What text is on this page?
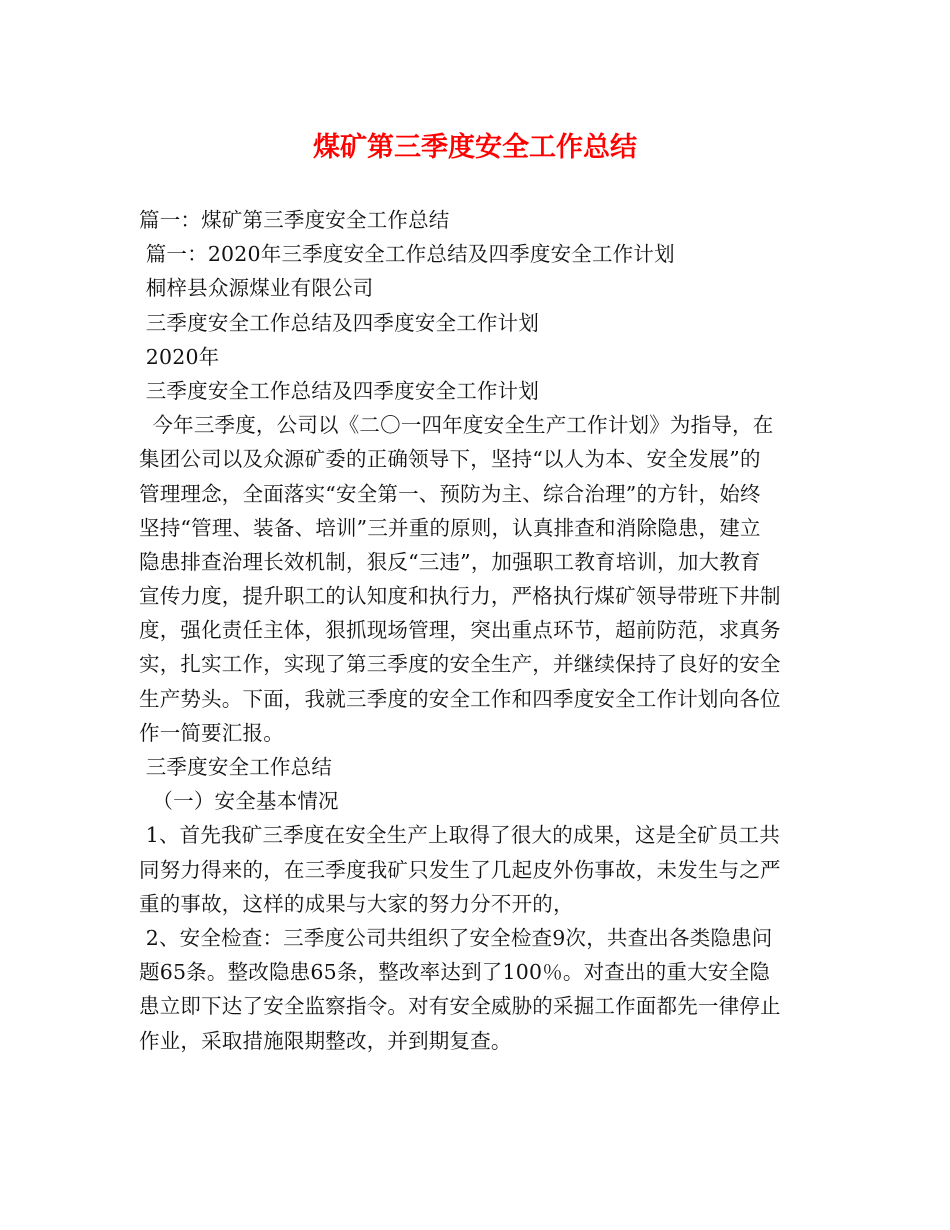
煤矿第三季度安全工作总结
篇一：煤矿第三季度安全工作总结
篇一：2020年三季度安全工作总结及四季度安全工作计划
桐梓县众源煤业有限公司
三季度安全工作总结及四季度安全工作计划
2020年
三季度安全工作总结及四季度安全工作计划
今年三季度，公司以《二〇一四年度安全生产工作计划》为指导，在
集团公司以及众源矿委的正确领导下，坚持“以人为本、安全发展”的
管理理念，全面落实“安全第一、预防为主、综合治理”的方针，始终
坚持“管理、装备、培训”三并重的原则，认真排查和消除隐患，建立
隐患排查治理长效机制，狠反“三违”，加强职工教育培训，加大教育
宣传力度，提升职工的认知度和执行力，严格执行煤矿领导带班下井制
度，强化责任主体，狠抓现场管理，突出重点环节，超前防范，求真务
实，扎实工作，实现了第三季度的安全生产，并继续保持了良好的安全
生产势头。下面，我就三季度的安全工作和四季度安全工作计划向各位
作一简要汇报。
三季度安全工作总结
（一）安全基本情况
1、首先我矿三季度在安全生产上取得了很大的成果，这是全矿员工共
同努力得来的，在三季度我矿只发生了几起皮外伤事故，未发生与之严
重的事故，这样的成果与大家的努力分不开的，
2、安全检查：三季度公司共组织了安全检查9次，共查出各类隐患问
题65条。整改隐患65条，整改率达到了100％。对查出的重大安全隐
患立即下达了安全监察指令。对有安全威胁的采掘工作面都先一律停止
作业，采取措施限期整改，并到期复查。
